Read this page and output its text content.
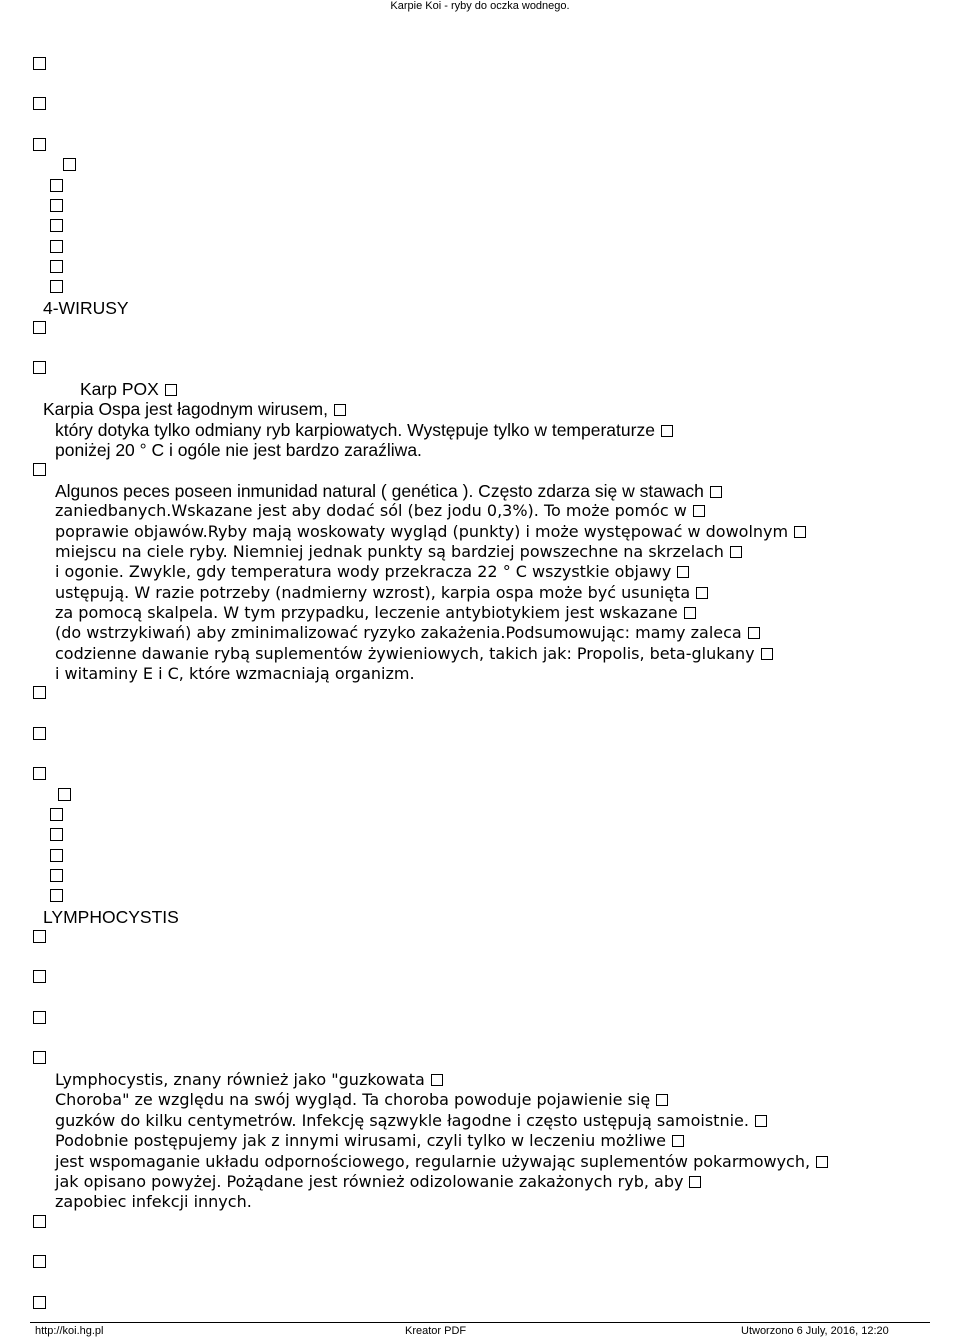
Karpie Koi - ryby do oczka wodnego.
4-WIRUSY
Karp POX
Karpia Ospa jest łagodnym wirusem,
który dotyka tylko odmiany ryb karpiowatych. Występuje tylko w temperaturze
poniżej 20 ° C i ogóle nie jest bardzo zaraźliwa.
Algunos peces poseen inmunidad natural ( genética ). Często zdarza się w stawach
zaniedbanych.Wskazane jest aby dodać sól (bez jodu 0,3%). To może pomóc w
poprawie objawów.Ryby mają woskowaty wygląd (punkty) i może występować w dowolnym
miejscu na ciele ryby. Niemniej jednak punkty są bardziej powszechne na skrzelach
i ogonie. Zwykle, gdy temperatura wody przekracza 22 ° C wszystkie objawy
ustępują. W razie potrzeby (nadmierny wzrost), karpia ospa może być usunięta
za pomocą skalpela. W tym przypadku, leczenie antybiotykiem jest wskazane
(do wstrzykiwań) aby zminimalizować ryzyko zakażenia.Podsumowując: mamy zaleca
codzienne dawanie rybą suplementów żywieniowych, takich jak: Propolis, beta-glukany
i witaminy E i C, które wzmacniają organizm.
LYMPHOCYSTIS
Lymphocystis, znany również jako "guzkowata
Choroba" ze względu na swój wygląd. Ta choroba powoduje pojawienie się
guzków do kilku centymetrów. Infekcję sązwykle łagodne i często ustępują samoistnie.
Podobnie postępujemy jak z innymi wirusami, czyli tylko w leczeniu możliwe
jest wspomaganie układu odpornościowego, regularnie używając suplementów pokarmowych,
jak opisano powyżej. Pożądane jest również odizolowanie zakażonych ryb, aby
zapobiec infekcji innych.
http://koi.hg.pl	Kreator PDF	Utworzono 6 July, 2016, 12:20
